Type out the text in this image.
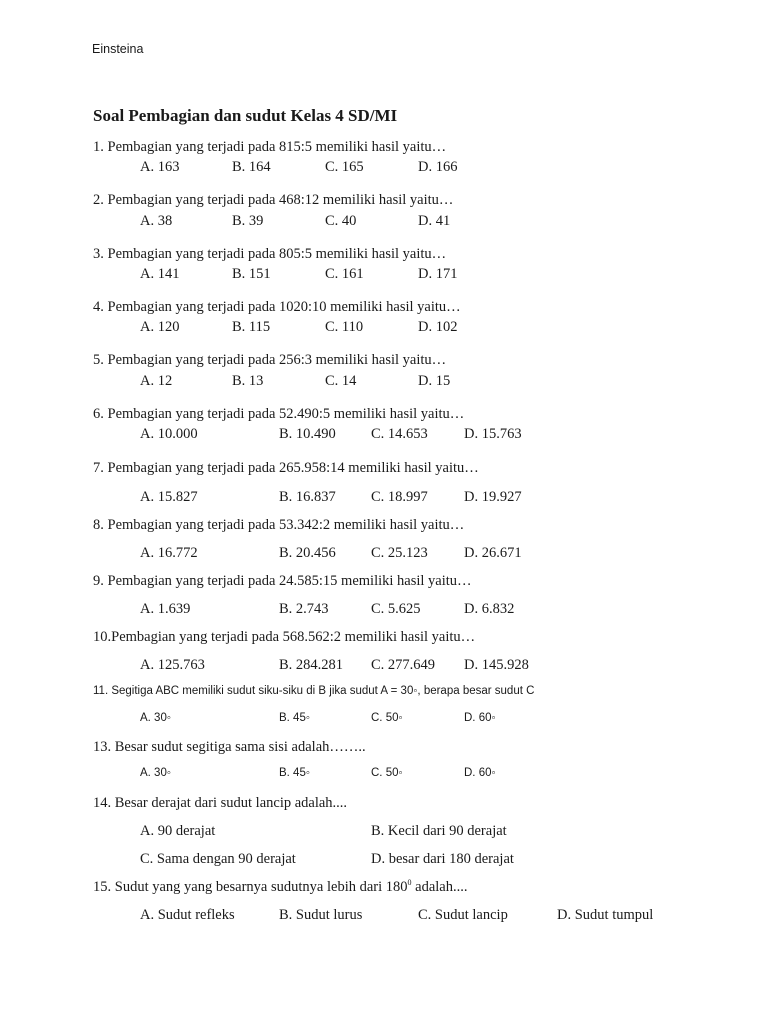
Einsteina
Soal Pembagian dan sudut Kelas 4 SD/MI
1. Pembagian yang terjadi pada 815:5 memiliki hasil yaitu…
A. 163	B. 164	C. 165	D. 166
2. Pembagian yang terjadi pada 468:12 memiliki hasil yaitu…
A. 38	B. 39	C. 40	D. 41
3. Pembagian yang terjadi pada 805:5 memiliki hasil yaitu…
A. 141	B. 151	C. 161	D. 171
4. Pembagian yang terjadi pada 1020:10 memiliki hasil yaitu…
A. 120	B. 115	C. 110	D. 102
5. Pembagian yang terjadi pada 256:3 memiliki hasil yaitu…
A. 12	B. 13	C. 14	D. 15
6. Pembagian yang terjadi pada 52.490:5 memiliki hasil yaitu…
A. 10.000	B. 10.490 C. 14.653 D. 15.763
7. Pembagian yang terjadi pada 265.958:14 memiliki hasil yaitu…
A. 15.827	B. 16.837 C. 18.997 D. 19.927
8. Pembagian yang terjadi pada 53.342:2 memiliki hasil yaitu…
A. 16.772	B. 20.456 C. 25.123 D. 26.671
9. Pembagian yang terjadi pada 24.585:15 memiliki hasil yaitu…
A. 1.639	B. 2.743	C. 5.625	D. 6.832
10.Pembagian yang terjadi pada 568.562:2 memiliki hasil yaitu…
A. 125.763	B. 284.281 C. 277.649 D. 145.928
11. Segitiga ABC memiliki sudut siku-siku di B jika sudut A = 30◦, berapa besar sudut C
A. 30◦	B. 45◦	C. 50◦	D. 60◦
13. Besar sudut segitiga sama sisi adalah……..
A. 30◦	B. 45◦	C. 50◦	D. 60◦
14. Besar derajat dari sudut lancip adalah....
A. 90 derajat	B. Kecil dari 90 derajat
C. Sama dengan 90 derajat	D. besar dari 180 derajat
15. Sudut yang yang besarnya sudutnya lebih dari $180^0$ adalah....
A. Sudut refleks	B. Sudut lurus	C. Sudut lancip	D. Sudut tumpul
